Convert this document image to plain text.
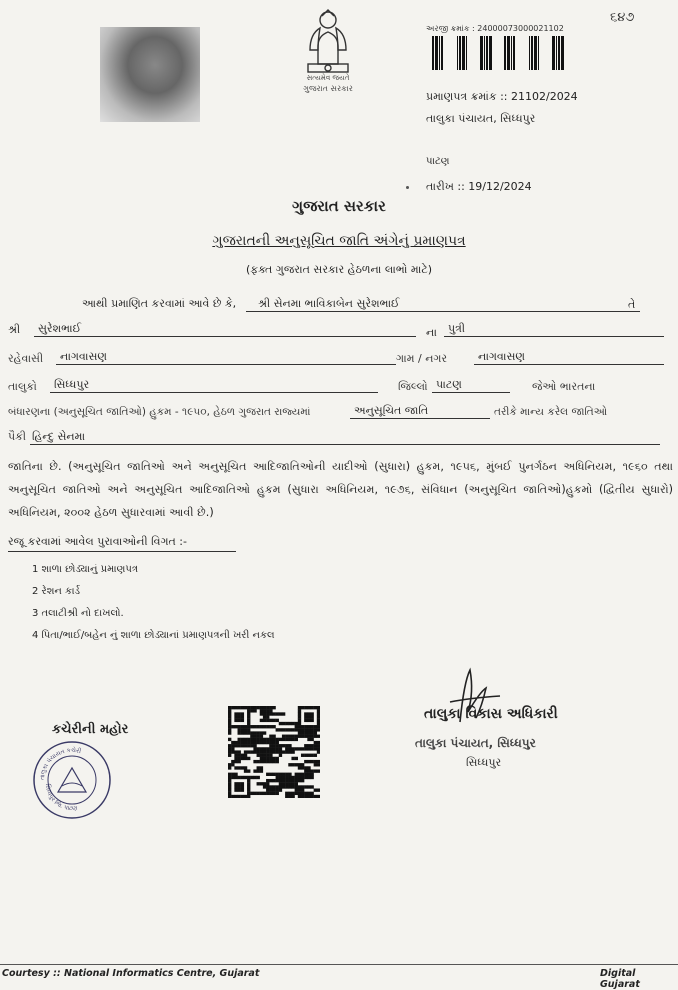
સત્યમેવ જયતે
ગુજરાત સરકાર
અરજી ક્રમાંક : 24000073000021102
૬૪૭
પ્રમાણપત્ર ક્રમાંક :: 21102/2024
તાલુકા પંચાયત, સિધ્ધપુર
પાટણ
તારીખ :: 19/12/2024
ગુજરાત સરકાર
ગુજરાતની અનુસૂચિત જાતિ અંગેનું પ્રમાણપત્ર
(ફક્ત ગુજરાત સરકાર હેઠળના લાભો માટે)
આથી પ્રમાણિત કરવામાં આવે છે કે,	શ્રી સેનમા ભાવિકાબેન સુરેશભાઈ	તે
શ્રી	સુરેશભાઈ	ના	પુત્રી
રહેવાસી	નાગવાસણ	ગામ / નગર	નાગવાસણ
તાલુકો	સિધ્ધપુર	જિલ્લો પાટણ	જેઓ ભારતના
બંધારણના (અનુસૂચિત જાતિઓ) હુકમ - ૧૯૫૦, હેઠળ ગુજરાત રાજ્યમાં	અનુસૂચિત જાતિ	તરીકે માન્ય કરેલ જાતિઓ
પૈકી હિન્દુ સેનમા
જાતિના છે. (અનુસૂચિત જાતિઓ અને અનુસૂચિત આદિજાતિઓની યાદીઓ (સુધારા) હુકમ, ૧૯૫૬, મુંબઈ પુનર્ગઠન અધિનિયમ, ૧૯૬૦ તથા અનુસૂચિત જાતિઓ અને અનુસૂચિત આદિજાતિઓ હુકમ (સુધારા અધિનિયમ, ૧૯૭૬, સંવિધાન (અનુસૂચિત જાતિઓ)હુકમો (દ્વિતીય સુધારો) અધિનિયમ, ૨૦૦૨ હેઠળ સુધારવામાં આવી છે.)
રજૂ કરવામાં આવેલ પુરાવાઓની વિગત :-
1 શાળા છોડ્યાનું પ્રમાણપત્ર
2 રેશન કાર્ડ
3 તલાટીશ્રી નો દાખલો.
4 પિતા/ભાઈ/બહેન નું શાળા છોડ્યાનાં પ્રમાણપત્રની ખરી નકલ
કચેરીની મહોર
તાલુકા પંચાયત કચેરી
સિધ્ધપુર જિ. પાટણ
તાલુકા વિકાસ અધિકારી
તાલુકા પંચાયત, સિધ્ધપુર
સિધ્ધપુર
Courtesy :: National Informatics Centre, Gujarat	Digital Gujarat
